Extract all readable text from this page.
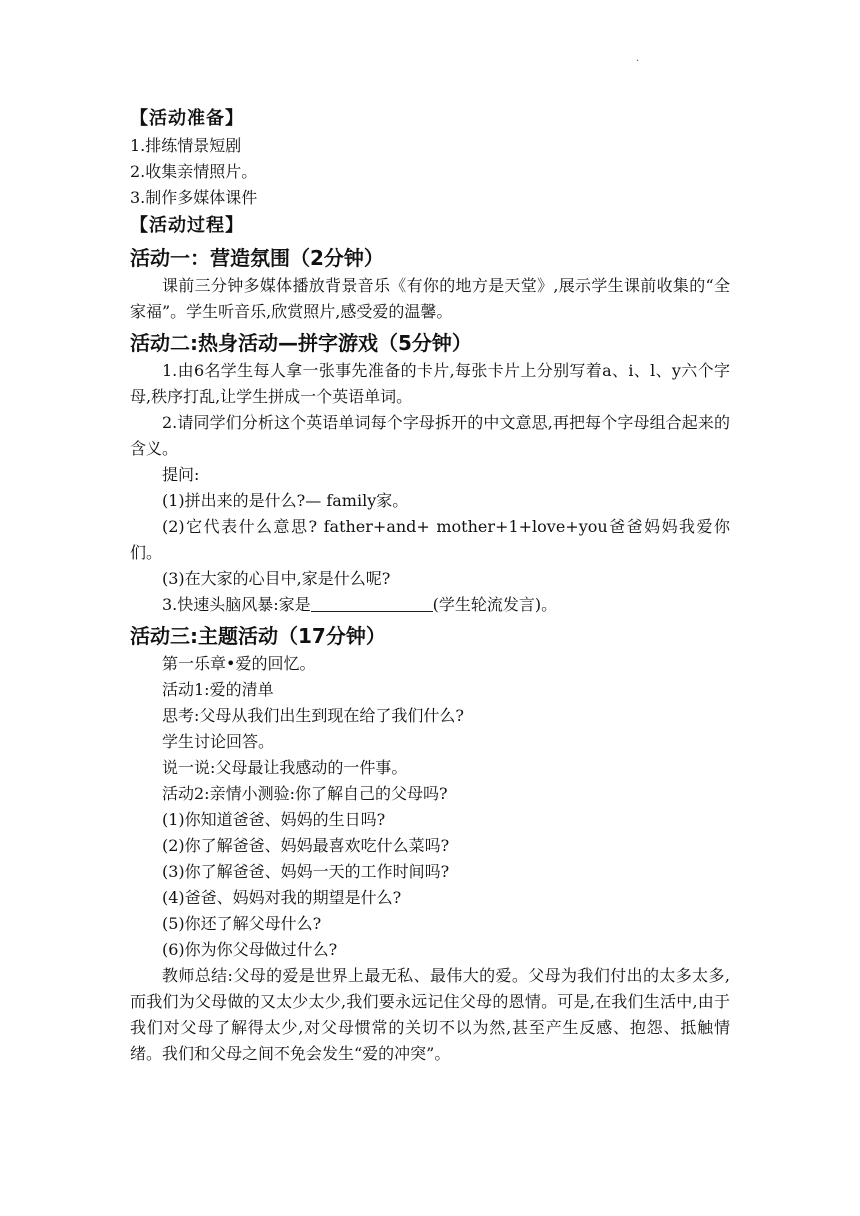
·
【活动准备】
1.排练情景短剧
2.收集亲情照片。
3.制作多媒体课件
【活动过程】
活动一：营造氛围（2分钟）

课前三分钟多媒体播放背景音乐《有你的地方是天堂》,展示学生课前收集的“全家福”。学生听音乐,欣赏照片,感受爱的温馨。

活动二:热身活动—拼字游戏（5分钟）

1.由6名学生每人拿一张事先准备的卡片,每张卡片上分别写着a、i、l、y六个字母,秩序打乱,让学生拼成一个英语单词。

2.请同学们分析这个英语单词每个字母拆开的中文意思,再把每个字母组合起来的含义。

提问:
(1)拼出来的是什么?— family家。

(2)它代表什么意思? father+and+ mother+1+love+you爸爸妈妈我爱你们。

(3)在大家的心目中,家是什么呢?
3.快速头脑风暴:家是	(学生轮流发言)。
活动三:主题活动（17分钟）
第一乐章•爱的回忆。
活动1:爱的清单
思考:父母从我们出生到现在给了我们什么?
学生讨论回答。
说一说:父母最让我感动的一件事。
活动2:亲情小测验:你了解自己的父母吗?
(1)你知道爸爸、妈妈的生日吗?
(2)你了解爸爸、妈妈最喜欢吃什么菜吗?
(3)你了解爸爸、妈妈一天的工作时间吗?
(4)爸爸、妈妈对我的期望是什么?
(5)你还了解父母什么?
(6)你为你父母做过什么?

教师总结:父母的爱是世界上最无私、最伟大的爱。父母为我们付出的太多太多,而我们为父母做的又太少太少,我们要永远记住父母的恩情。可是,在我们生活中,由于我们对父母了解得太少,对父母惯常的关切不以为然,甚至产生反感、抱怨、抵触情绪。我们和父母之间不免会发生“爱的冲突”。
